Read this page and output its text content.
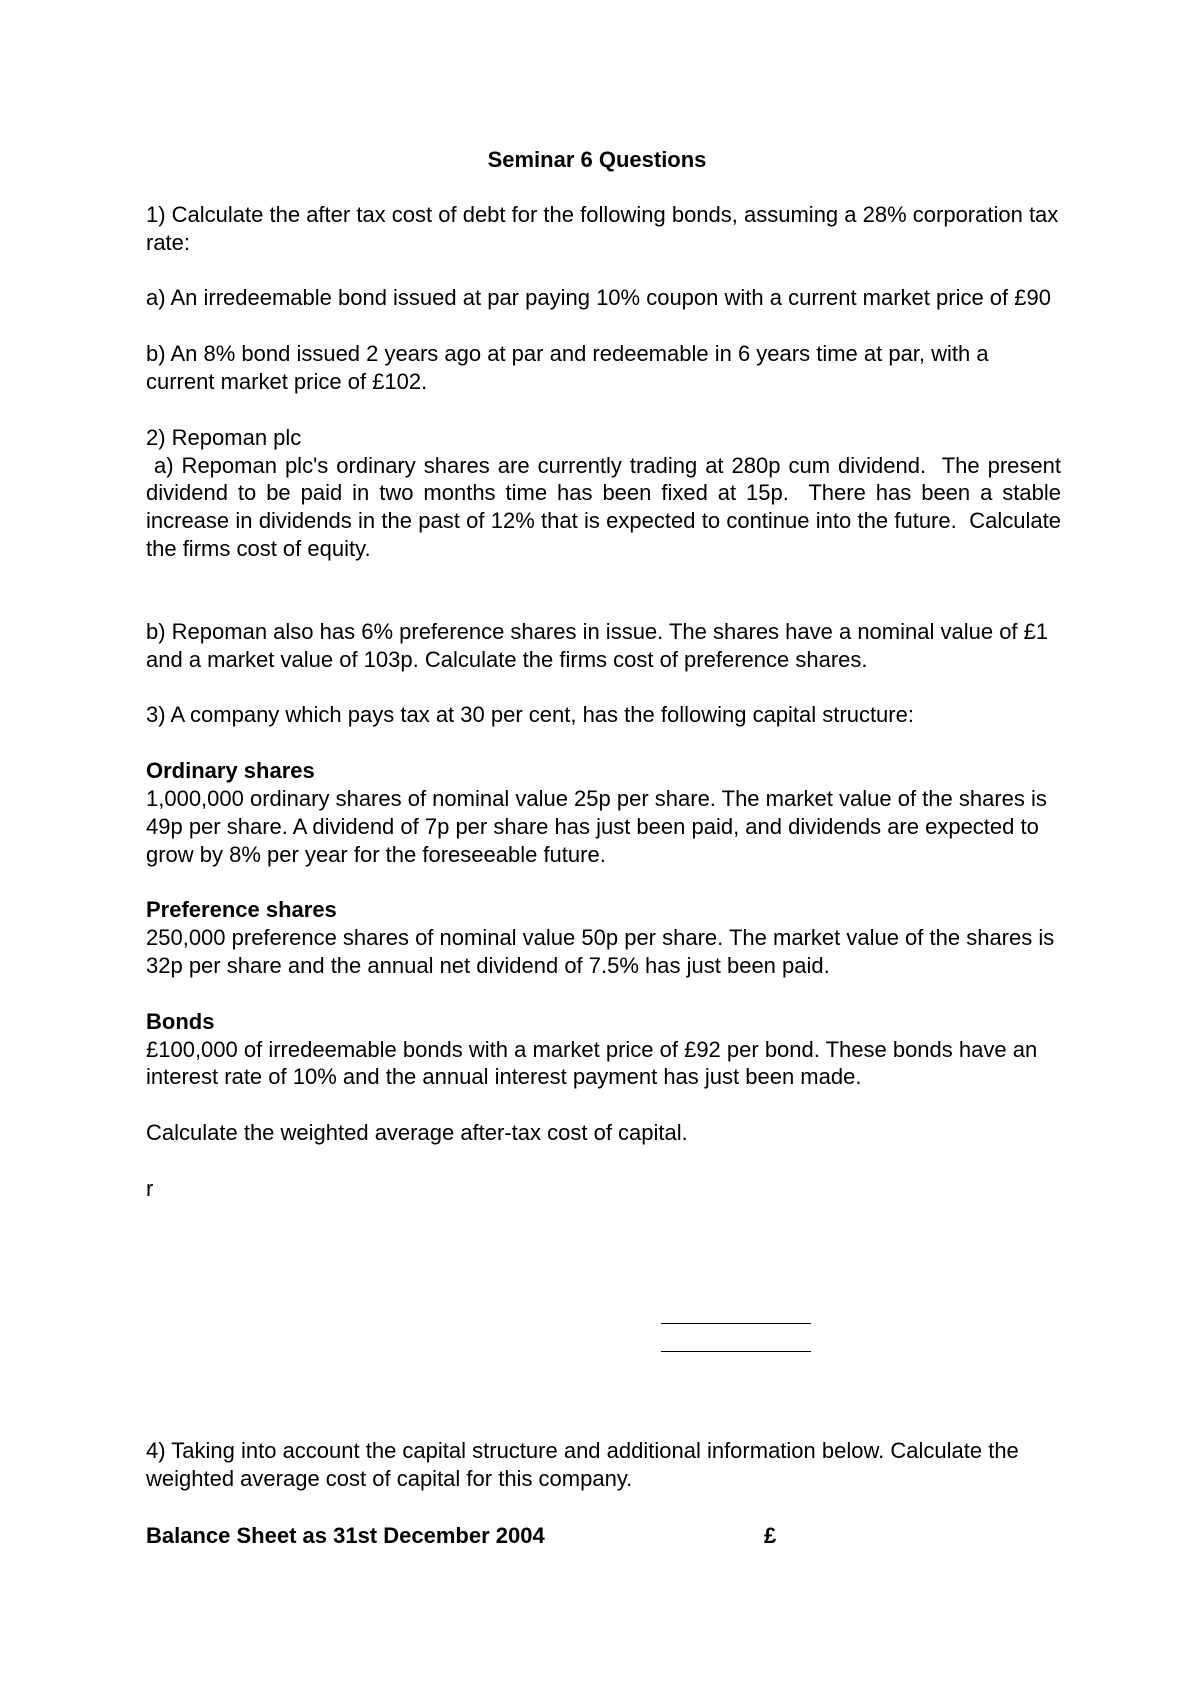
Seminar 6 Questions

1) Calculate the after tax cost of debt for the following bonds, assuming a 28% corporation tax rate:

a) An irredeemable bond issued at par paying 10% coupon with a current market price of £90

b) An 8% bond issued 2 years ago at par and redeemable in 6 years time at par, with a current market price of £102.

2) Repoman plc

a) Repoman plc's ordinary shares are currently trading at 280p cum dividend.  The present dividend to be paid in two months time has been fixed at 15p.  There has been a stable increase in dividends in the past of 12% that is expected to continue into the future.  Calculate the firms cost of equity.

b) Repoman also has 6% preference shares in issue. The shares have a nominal value of £1 and a market value of 103p. Calculate the firms cost of preference shares.

3) A company which pays tax at 30 per cent, has the following capital structure:

Ordinary shares

1,000,000 ordinary shares of nominal value 25p per share. The market value of the shares is 49p per share. A dividend of 7p per share has just been paid, and dividends are expected to grow by 8% per year for the foreseeable future.

Preference shares

250,000 preference shares of nominal value 50p per share. The market value of the shares is 32p per share and the annual net dividend of 7.5% has just been paid.

Bonds

£100,000 of irredeemable bonds with a market price of £92 per bond. These bonds have an interest rate of 10% and the annual interest payment has just been made.

Calculate the weighted average after-tax cost of capital.

r

4) Taking into account the capital structure and additional information below. Calculate the weighted average cost of capital for this company.
Balance Sheet as 31st December 2004	£
